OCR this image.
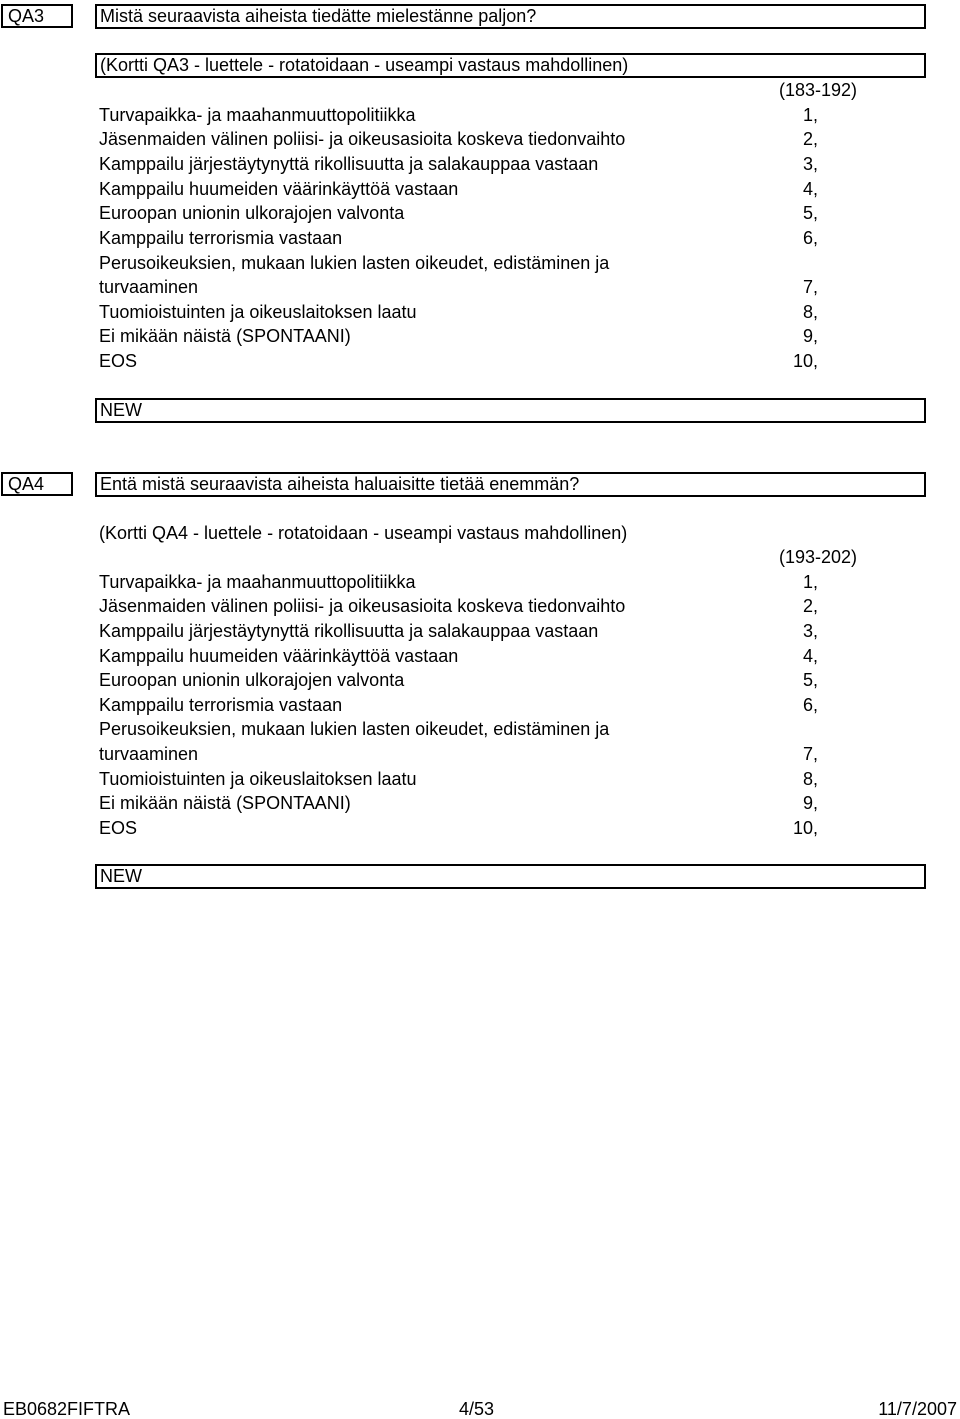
QA3	Mistä seuraavista aiheista tiedätte mielestänne paljon?
(Kortti QA3 - luettele - rotatoidaan - useampi vastaus mahdollinen)
(183-192)
Turvapaikka- ja maahanmuuttopolitiikka	1,
Jäsenmaiden välinen poliisi- ja oikeusasioita koskeva tiedonvaihto	2,
Kamppailu järjestäytynyttä rikollisuutta ja salakauppaa vastaan	3,
Kamppailu huumeiden väärinkäyttöä vastaan	4,
Euroopan unionin ulkorajojen valvonta	5,
Kamppailu terrorismia vastaan	6,
Perusoikeuksien, mukaan lukien lasten oikeudet, edistäminen ja
turvaaminen	7,
Tuomioistuinten ja oikeuslaitoksen laatu	8,
Ei mikään näistä (SPONTAANI)	9,
EOS	10,
NEW
QA4	Entä mistä seuraavista aiheista haluaisitte tietää enemmän?
(Kortti QA4 - luettele - rotatoidaan - useampi vastaus mahdollinen)
(193-202)
Turvapaikka- ja maahanmuuttopolitiikka	1,
Jäsenmaiden välinen poliisi- ja oikeusasioita koskeva tiedonvaihto	2,
Kamppailu järjestäytynyttä rikollisuutta ja salakauppaa vastaan	3,
Kamppailu huumeiden väärinkäyttöä vastaan	4,
Euroopan unionin ulkorajojen valvonta	5,
Kamppailu terrorismia vastaan	6,
Perusoikeuksien, mukaan lukien lasten oikeudet, edistäminen ja
turvaaminen	7,
Tuomioistuinten ja oikeuslaitoksen laatu	8,
Ei mikään näistä (SPONTAANI)	9,
EOS	10,
NEW
EB0682FIFTRA	4/53	11/7/2007
